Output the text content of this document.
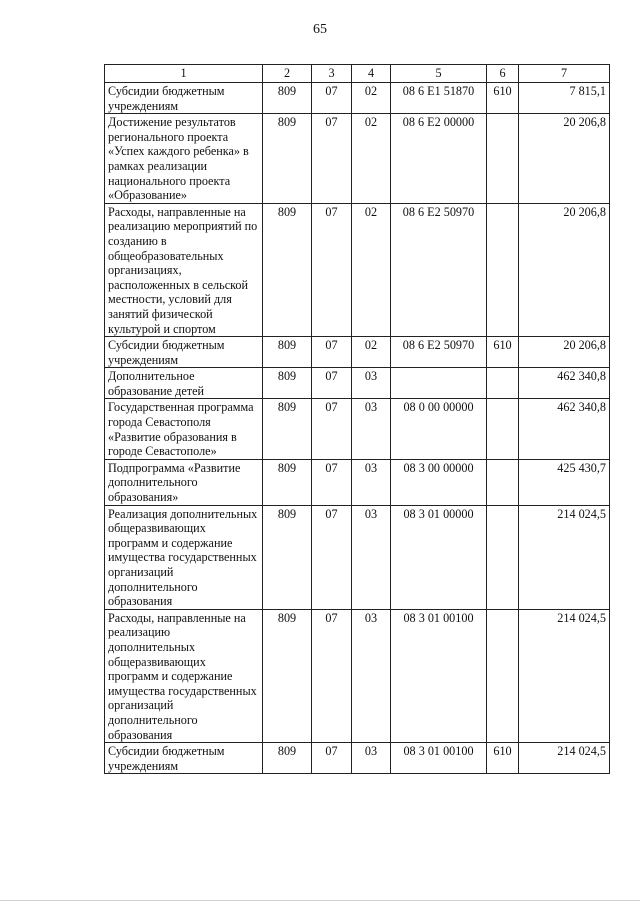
65
1	2	3	4	5	6	7
Субсидии бюджетным учреждениям	809	07	02	08 6 E1 51870	610	7 815,1
Достижение результатов регионального проекта «Успех каждого ребенка» в рамках реализации национального проекта «Образование»	809	07	02	08 6 E2 00000		20 206,8
Расходы, направленные на реализацию мероприятий по созданию в общеобразовательных организациях, расположенных в сельской местности, условий для занятий физической культурой и спортом	809	07	02	08 6 E2 50970		20 206,8
Субсидии бюджетным учреждениям	809	07	02	08 6 E2 50970	610	20 206,8
Дополнительное образование детей	809	07	03			462 340,8
Государственная программа города Севастополя «Развитие образования в городе Севастополе»	809	07	03	08 0 00 00000		462 340,8
Подпрограмма «Развитие дополнительного образования»	809	07	03	08 3 00 00000		425 430,7
Реализация дополнительных общеразвивающих программ и содержание имущества государственных организаций дополнительного образования	809	07	03	08 3 01 00000		214 024,5
Расходы, направленные на реализацию дополнительных общеразвивающих программ и содержание имущества государственных организаций дополнительного образования	809	07	03	08 3 01 00100		214 024,5
Субсидии бюджетным учреждениям	809	07	03	08 3 01 00100	610	214 024,5
